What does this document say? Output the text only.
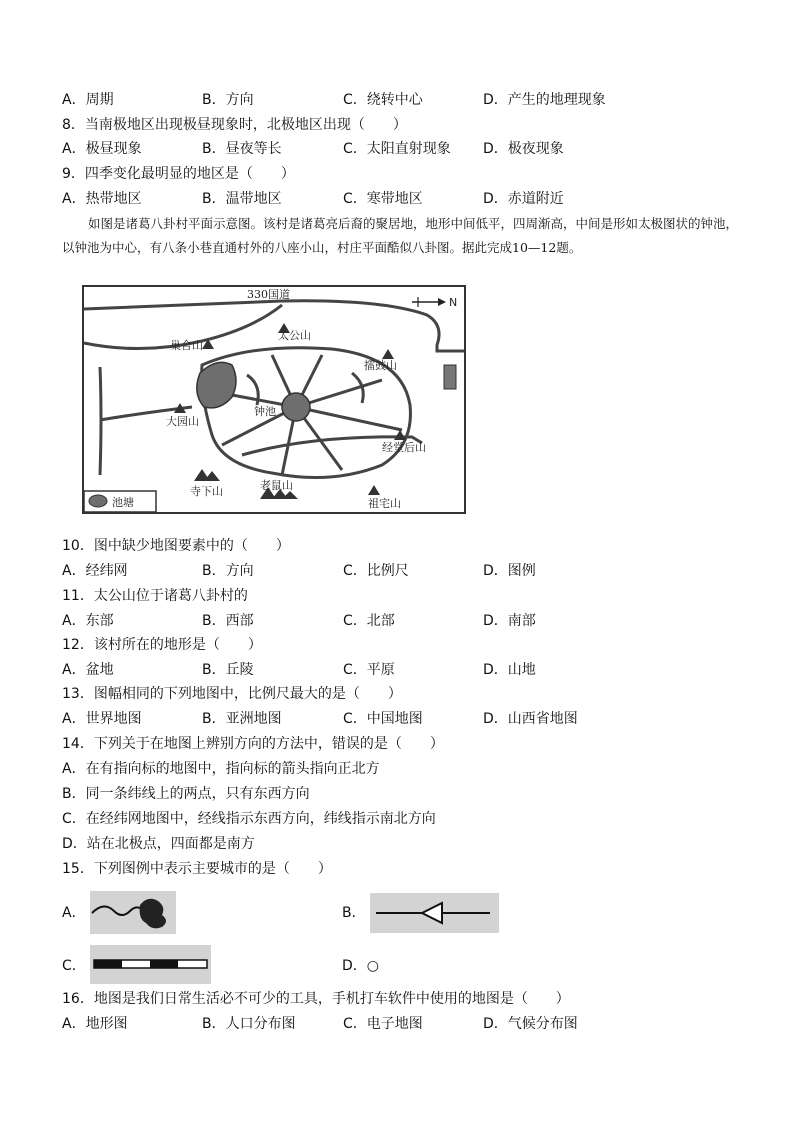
A．周期	B．方向	C．绕转中心	D．产生的地理现象
8．当南极地区出现极昼现象时，北极地区出现（　　）
A．极昼现象	B．昼夜等长	C．太阳直射现象 D．极夜现象
9．四季变化最明显的地区是（　　）
A．热带地区	B．温带地区	C．寒带地区	D．赤道附近
如图是诸葛八卦村平面示意图。该村是诸葛亮后裔的聚居地，地形中间低平，四周渐高，中间是形如太极图状的钟池，以钟池为中心，有八条小巷直通村外的八座小山，村庄平面酷似八卦图。据此完成10—12题。
330国道
N
巢合山
太公山
擂鼓山
大园山
钟池
经堂后山
寺下山	老鼠山
祖宅山
池塘
10．图中缺少地图要素中的（　　）
A．经纬网	B．方向	C．比例尺	D．图例
11．太公山位于诸葛八卦村的
A．东部	B．西部	C．北部	D．南部
12．该村所在的地形是（　　）
A．盆地	B．丘陵	C．平原	D．山地
13．图幅相同的下列地图中，比例尺最大的是（　　）
A．世界地图	B．亚洲地图	C．中国地图	D．山西省地图
14．下列关于在地图上辨别方向的方法中，错误的是（　　）
A．在有指向标的地图中，指向标的箭头指向正北方
B．同一条纬线上的两点，只有东西方向
C．在经纬网地图中，经线指示东西方向，纬线指示南北方向
D．站在北极点，四面都是南方
15．下列图例中表示主要城市的是（　　）
A．	B．
C．	D．○
16．地图是我们日常生活必不可少的工具，手机打车软件中使用的地图是（　　）
A．地形图	B．人口分布图	C．电子地图	D．气候分布图
